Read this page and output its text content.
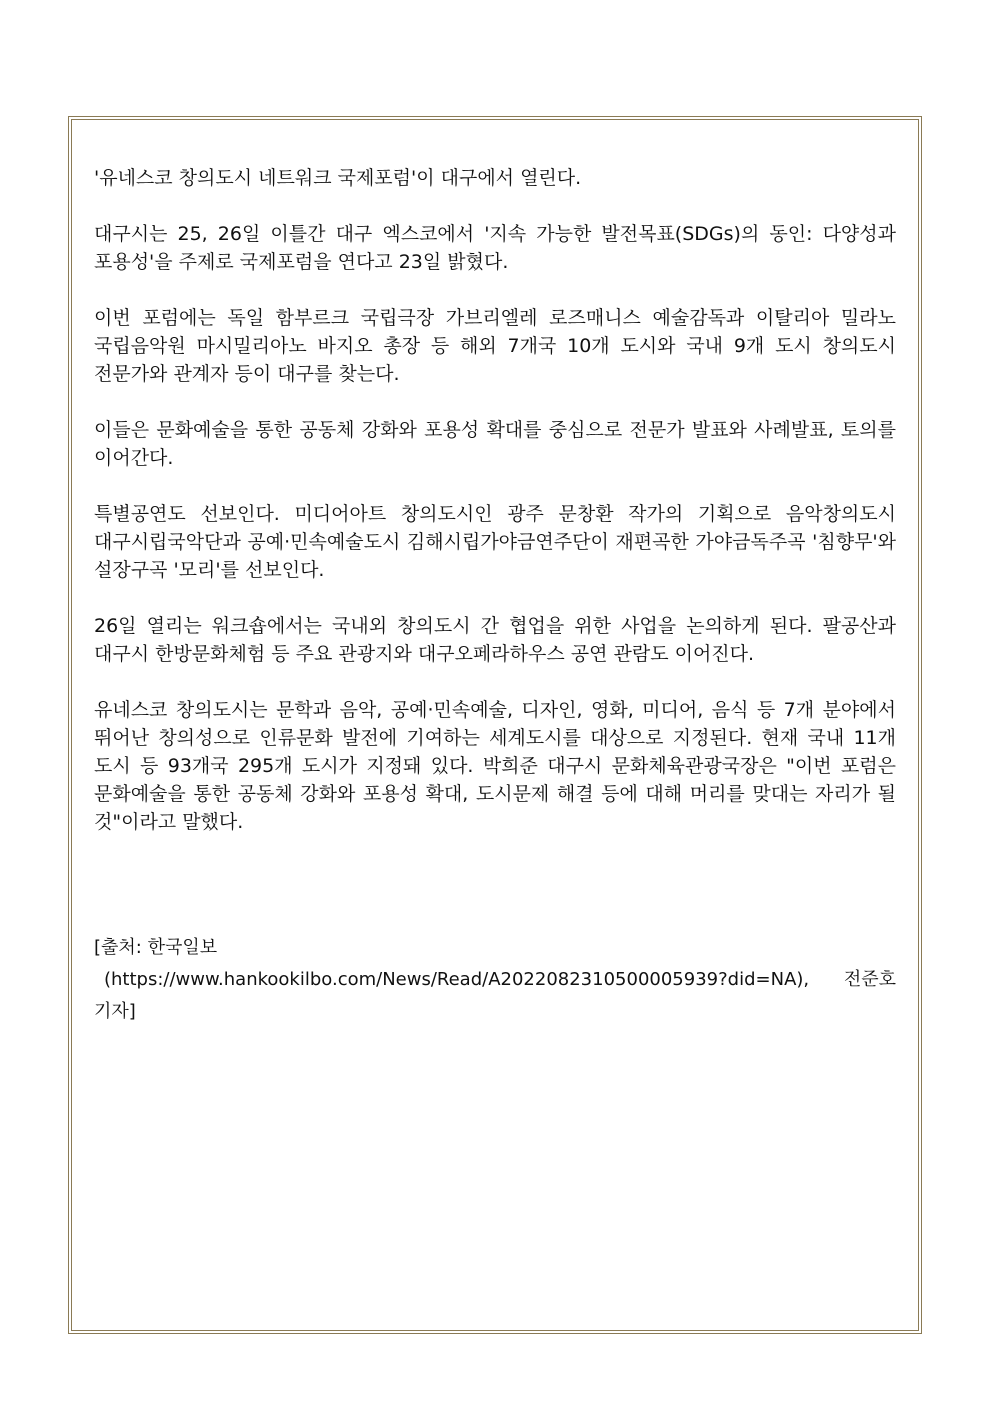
'유네스코 창의도시 네트워크 국제포럼'이 대구에서 열린다.

대구시는 25, 26일 이틀간 대구 엑스코에서 '지속 가능한 발전목표(SDGs)의 동인: 다양성과 포용성'을 주제로 국제포럼을 연다고 23일 밝혔다.

이번 포럼에는 독일 함부르크 국립극장 가브리엘레 로즈매니스 예술감독과 이탈리아 밀라노 국립음악원 마시밀리아노 바지오 총장 등 해외 7개국 10개 도시와 국내 9개 도시 창의도시 전문가와 관계자 등이 대구를 찾는다.

이들은 문화예술을 통한 공동체 강화와 포용성 확대를 중심으로 전문가 발표와 사례발표, 토의를 이어간다.

특별공연도 선보인다. 미디어아트 창의도시인 광주 문창환 작가의 기획으로 음악창의도시 대구시립국악단과 공예·민속예술도시 김해시립가야금연주단이 재편곡한 가야금독주곡 '침향무'와 설장구곡 '모리'를 선보인다.

26일 열리는 워크숍에서는 국내외 창의도시 간 협업을 위한 사업을 논의하게 된다. 팔공산과 대구시 한방문화체험 등 주요 관광지와 대구오페라하우스 공연 관람도 이어진다.

유네스코 창의도시는 문학과 음악, 공예·민속예술, 디자인, 영화, 미디어, 음식 등 7개 분야에서 뛰어난 창의성으로 인류문화 발전에 기여하는 세계도시를 대상으로 지정된다. 현재 국내 11개 도시 등 93개국 295개 도시가 지정돼 있다. 박희준 대구시 문화체육관광국장은 "이번 포럼은 문화예술을 통한 공동체 강화와 포용성 확대, 도시문제 해결 등에 대해 머리를 맞대는 자리가 될 것"이라고 말했다.

[출처: 한국일보
(https://www.hankookilbo.com/News/Read/A2022082310500005939?did=NA), 전준호
기자]
